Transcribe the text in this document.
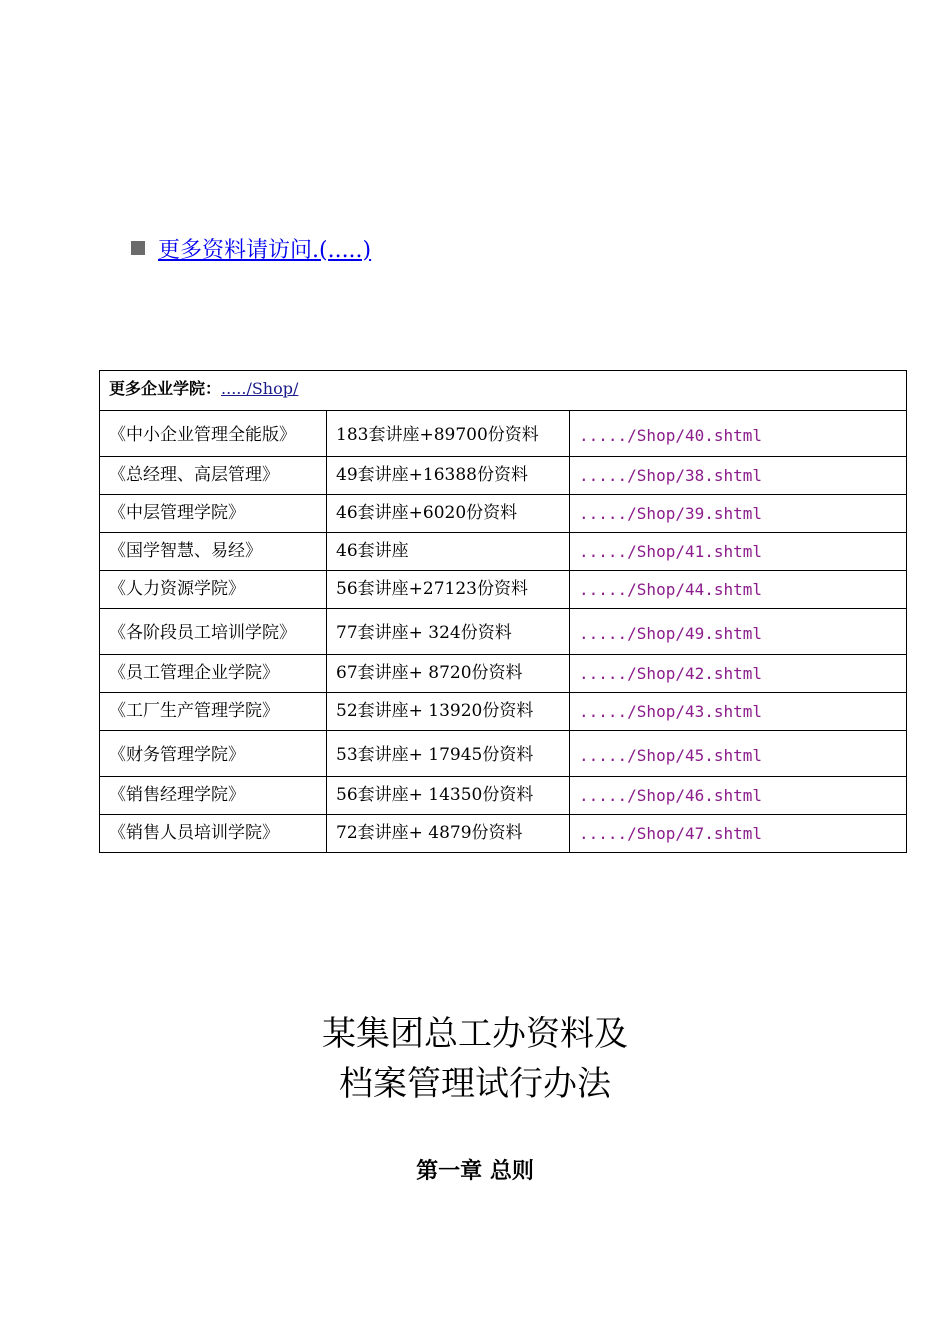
更多资料请访问.(.....)
更多企业学院：...../Shop/		
《中小企业管理全能版》	183套讲座+89700份资料	...../Shop/40.shtml
《总经理、高层管理》	49套讲座+16388份资料	...../Shop/38.shtml
《中层管理学院》	46套讲座+6020份资料	...../Shop/39.shtml
《国学智慧、易经》	46套讲座	...../Shop/41.shtml
《人力资源学院》	56套讲座+27123份资料	...../Shop/44.shtml
《各阶段员工培训学院》	77套讲座+ 324份资料	...../Shop/49.shtml
《员工管理企业学院》	67套讲座+ 8720份资料	...../Shop/42.shtml
《工厂生产管理学院》	52套讲座+ 13920份资料	...../Shop/43.shtml
《财务管理学院》	53套讲座+ 17945份资料	...../Shop/45.shtml
《销售经理学院》	56套讲座+ 14350份资料	...../Shop/46.shtml
《销售人员培训学院》	72套讲座+ 4879份资料	...../Shop/47.shtml
某集团总工办资料及
档案管理试行办法
第一章 总则
